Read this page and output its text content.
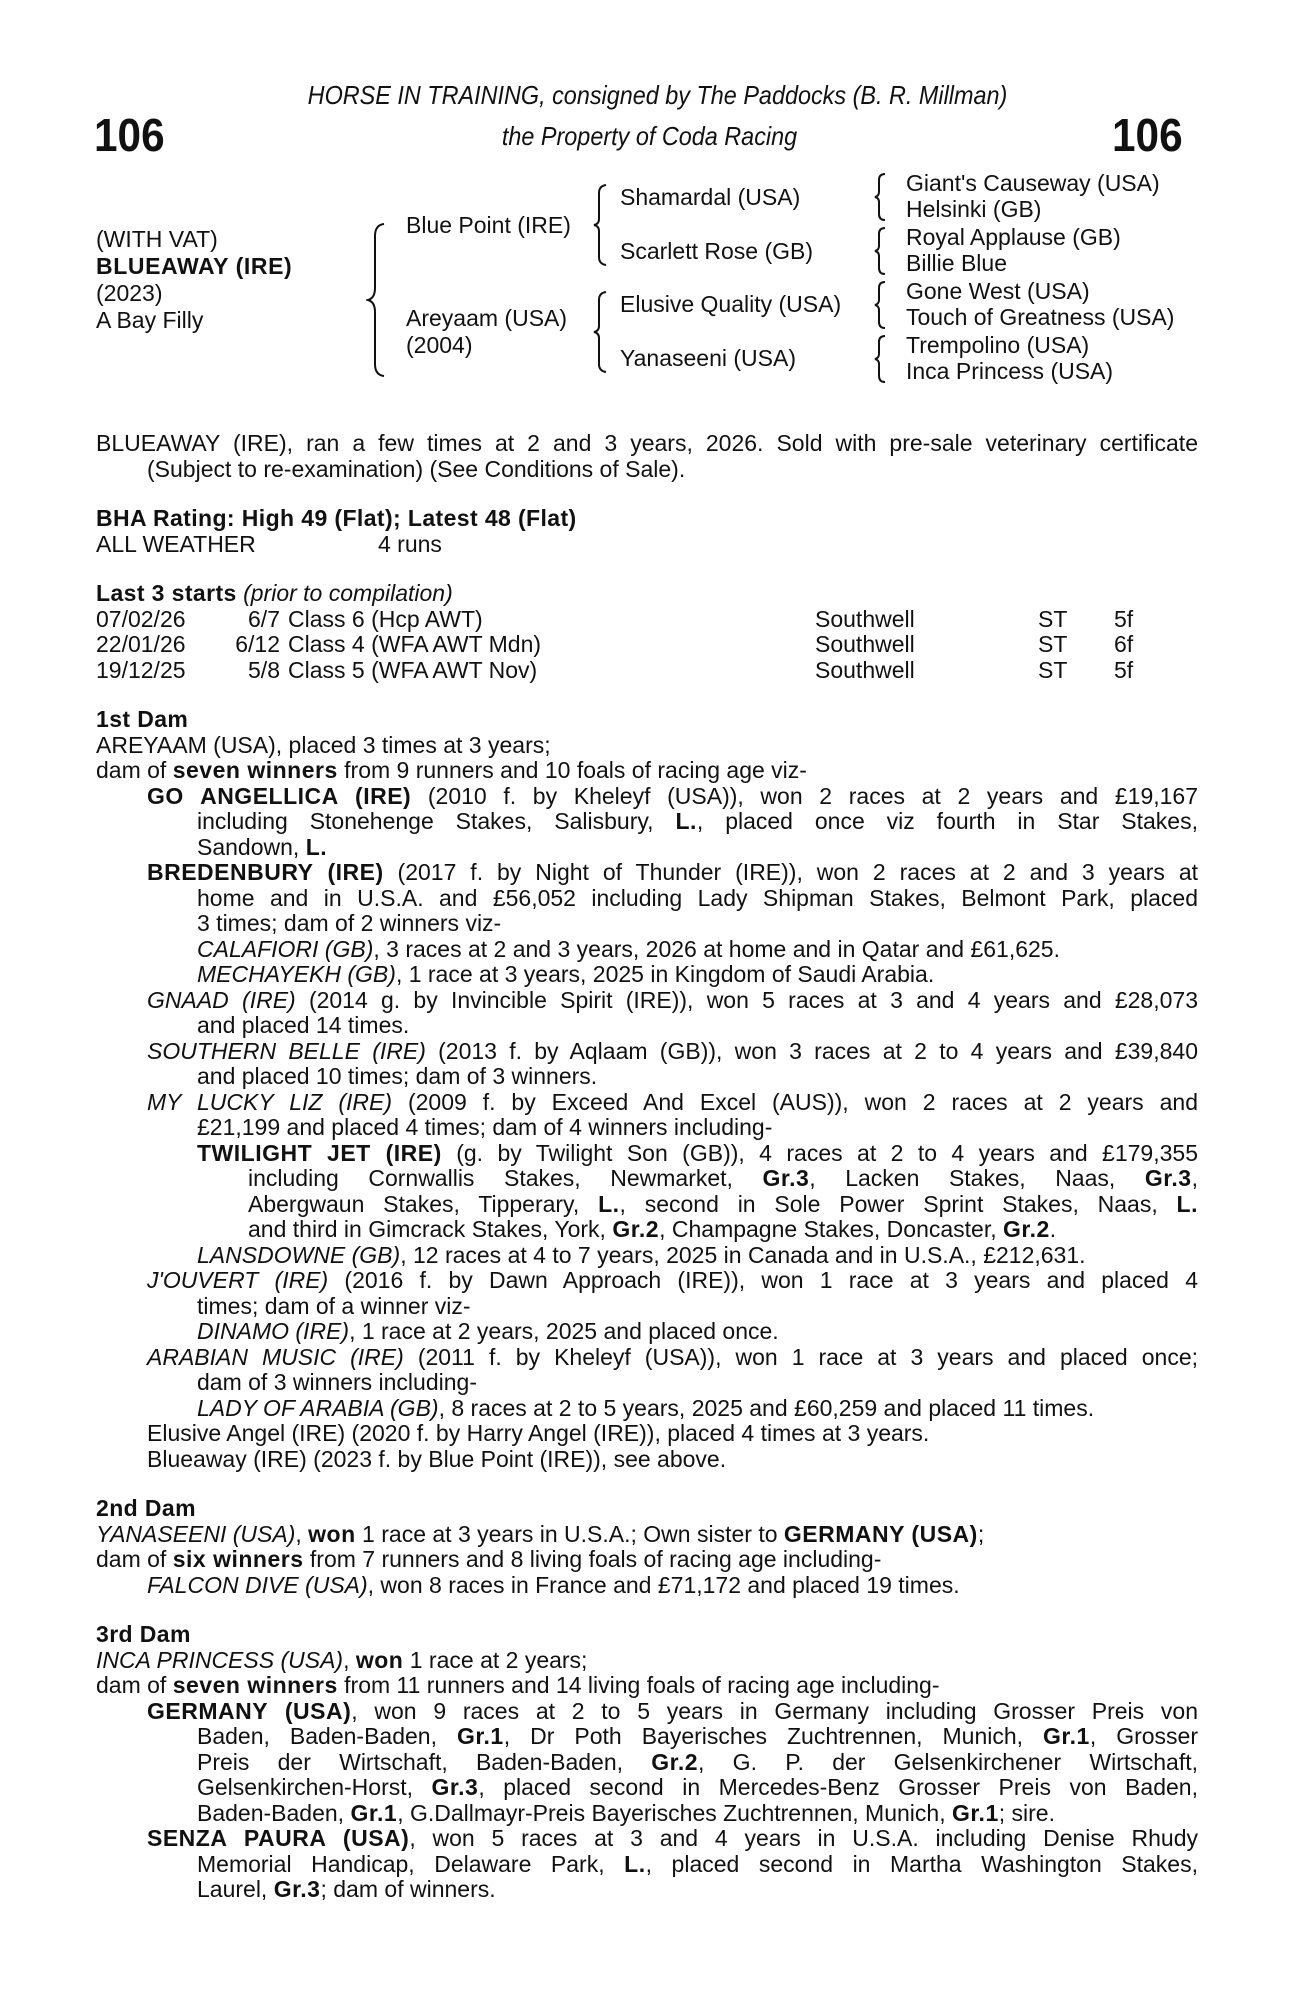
106	106
HORSE IN TRAINING, consigned by The Paddocks (B. R. Millman)
the Property of Coda Racing
(WITH VAT)
BLUEAWAY (IRE)
(2023)
A Bay Filly
Blue Point (IRE)
Areyaam (USA)
(2004)
Shamardal (USA)
Scarlett Rose (GB)
Elusive Quality (USA)
Yanaseeni (USA)
Giant's Causeway (USA)
Helsinki (GB)
Royal Applause (GB)
Billie Blue
Gone West (USA)
Touch of Greatness (USA)
Trempolino (USA)
Inca Princess (USA)
BLUEAWAY (IRE), ran a few times at 2 and 3 years, 2026. Sold with pre-sale veterinary certificate
(Subject to re-examination) (See Conditions of Sale).
BHA Rating: High 49 (Flat); Latest 48 (Flat)
ALL WEATHER	4 runs
Last 3 starts (prior to compilation)
07/02/26	6/7 Class 6 (Hcp AWT)	Southwell	ST 5f
22/01/26	6/12 Class 4 (WFA AWT Mdn)	Southwell	ST 6f
19/12/25	5/8 Class 5 (WFA AWT Nov)	Southwell	ST 5f
1st Dam
AREYAAM (USA), placed 3 times at 3 years;
dam of seven winners from 9 runners and 10 foals of racing age viz-
GO ANGELLICA (IRE) (2010 f. by Kheleyf (USA)), won 2 races at 2 years and £19,167
including Stonehenge Stakes, Salisbury, L., placed once viz fourth in Star Stakes,
Sandown, L.
BREDENBURY (IRE) (2017 f. by Night of Thunder (IRE)), won 2 races at 2 and 3 years at
home and in U.S.A. and £56,052 including Lady Shipman Stakes, Belmont Park, placed
3 times; dam of 2 winners viz-
CALAFIORI (GB), 3 races at 2 and 3 years, 2026 at home and in Qatar and £61,625.
MECHAYEKH (GB), 1 race at 3 years, 2025 in Kingdom of Saudi Arabia.
GNAAD (IRE) (2014 g. by Invincible Spirit (IRE)), won 5 races at 3 and 4 years and £28,073
and placed 14 times.
SOUTHERN BELLE (IRE) (2013 f. by Aqlaam (GB)), won 3 races at 2 to 4 years and £39,840
and placed 10 times; dam of 3 winners.
MY LUCKY LIZ (IRE) (2009 f. by Exceed And Excel (AUS)), won 2 races at 2 years and
£21,199 and placed 4 times; dam of 4 winners including-
TWILIGHT JET (IRE) (g. by Twilight Son (GB)), 4 races at 2 to 4 years and £179,355
including Cornwallis Stakes, Newmarket, Gr.3, Lacken Stakes, Naas, Gr.3,
Abergwaun Stakes, Tipperary, L., second in Sole Power Sprint Stakes, Naas, L.
and third in Gimcrack Stakes, York, Gr.2, Champagne Stakes, Doncaster, Gr.2.
LANSDOWNE (GB), 12 races at 4 to 7 years, 2025 in Canada and in U.S.A., £212,631.
J'OUVERT (IRE) (2016 f. by Dawn Approach (IRE)), won 1 race at 3 years and placed 4
times; dam of a winner viz-
DINAMO (IRE), 1 race at 2 years, 2025 and placed once.
ARABIAN MUSIC (IRE) (2011 f. by Kheleyf (USA)), won 1 race at 3 years and placed once;
dam of 3 winners including-
LADY OF ARABIA (GB), 8 races at 2 to 5 years, 2025 and £60,259 and placed 11 times.
Elusive Angel (IRE) (2020 f. by Harry Angel (IRE)), placed 4 times at 3 years.
Blueaway (IRE) (2023 f. by Blue Point (IRE)), see above.
2nd Dam
YANASEENI (USA), won 1 race at 3 years in U.S.A.; Own sister to GERMANY (USA);
dam of six winners from 7 runners and 8 living foals of racing age including-
FALCON DIVE (USA), won 8 races in France and £71,172 and placed 19 times.
3rd Dam
INCA PRINCESS (USA), won 1 race at 2 years;
dam of seven winners from 11 runners and 14 living foals of racing age including-
GERMANY (USA), won 9 races at 2 to 5 years in Germany including Grosser Preis von
Baden, Baden-Baden, Gr.1, Dr Poth Bayerisches Zuchtrennen, Munich, Gr.1, Grosser
Preis der Wirtschaft, Baden-Baden, Gr.2, G. P. der Gelsenkirchener Wirtschaft,
Gelsenkirchen-Horst, Gr.3, placed second in Mercedes-Benz Grosser Preis von Baden,
Baden-Baden, Gr.1, G.Dallmayr-Preis Bayerisches Zuchtrennen, Munich, Gr.1; sire.
SENZA PAURA (USA), won 5 races at 3 and 4 years in U.S.A. including Denise Rhudy
Memorial Handicap, Delaware Park, L., placed second in Martha Washington Stakes,
Laurel, Gr.3; dam of winners.
